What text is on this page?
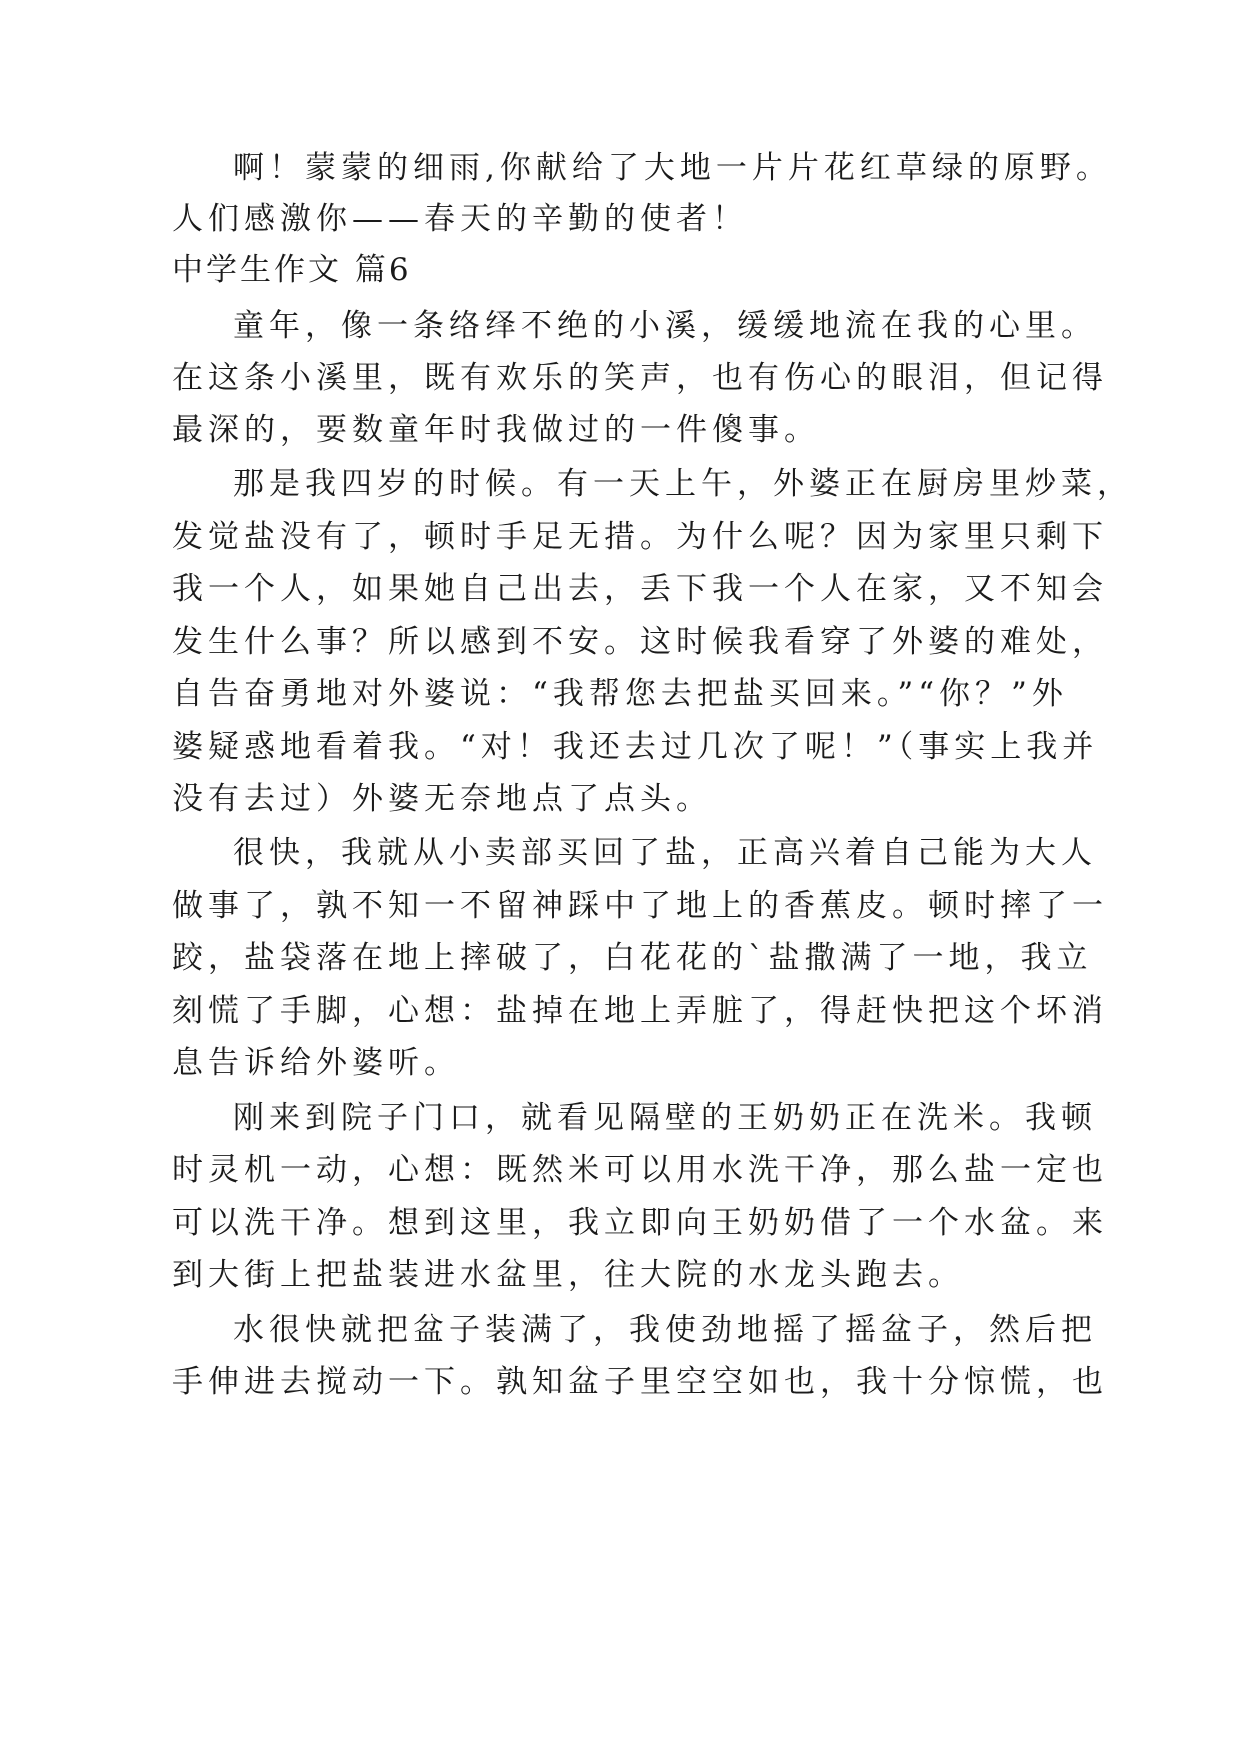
啊！蒙蒙的细雨,你献给了大地一片片花红草绿的原野。
人们感激你——春天的辛勤的使者！
中学生作文 篇6
童年，像一条络绎不绝的小溪，缓缓地流在我的心里。
在这条小溪里，既有欢乐的笑声，也有伤心的眼泪，但记得
最深的，要数童年时我做过的一件傻事。
那是我四岁的时候。有一天上午，外婆正在厨房里炒菜，
发觉盐没有了，顿时手足无措。为什么呢？因为家里只剩下
我一个人，如果她自己出去，丢下我一个人在家，又不知会
发生什么事？所以感到不安。这时候我看穿了外婆的难处，
自告奋勇地对外婆说：“我帮您去把盐买回来。”“你？”外
婆疑惑地看着我。“对！我还去过几次了呢！”（事实上我并
没有去过）外婆无奈地点了点头。
很快，我就从小卖部买回了盐，正高兴着自己能为大人
做事了，孰不知一不留神踩中了地上的香蕉皮。顿时摔了一
跤，盐袋落在地上摔破了，白花花的`盐撒满了一地，我立
刻慌了手脚，心想：盐掉在地上弄脏了，得赶快把这个坏消
息告诉给外婆听。
刚来到院子门口，就看见隔壁的王奶奶正在洗米。我顿
时灵机一动，心想：既然米可以用水洗干净，那么盐一定也
可以洗干净。想到这里，我立即向王奶奶借了一个水盆。来
到大街上把盐装进水盆里，往大院的水龙头跑去。
水很快就把盆子装满了，我使劲地摇了摇盆子，然后把
手伸进去搅动一下。孰知盆子里空空如也，我十分惊慌，也
